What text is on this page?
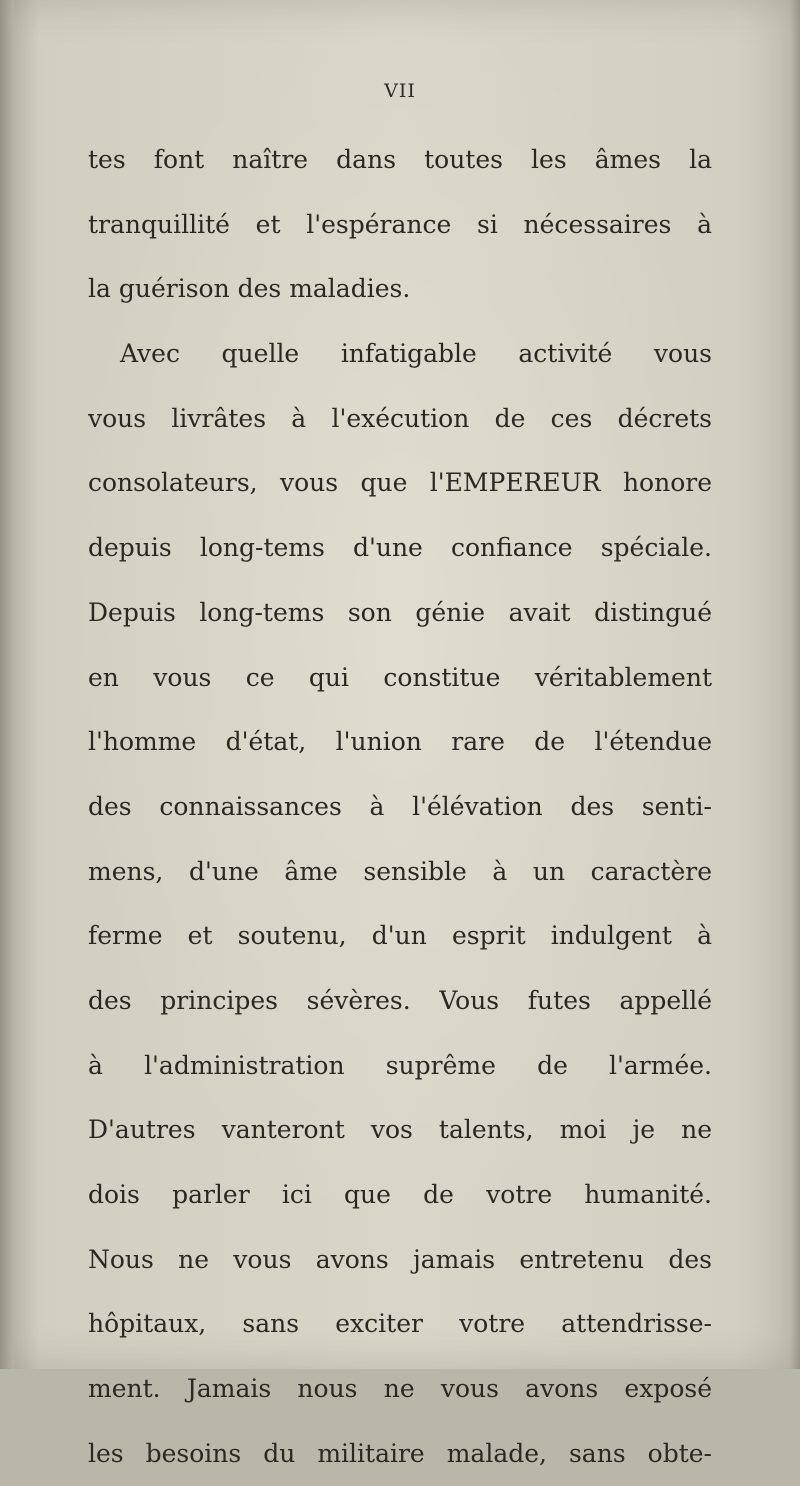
VII
tes font naître dans toutes les âmes la
tranquillité et l'espérance si nécessaires à
la guérison des maladies.
Avec quelle infatigable activité vous
vous livrâtes à l'exécution de ces décrets
consolateurs, vous que l'EMPEREUR honore
depuis long-tems d'une confiance spéciale.
Depuis long-tems son génie avait distingué
en vous ce qui constitue véritablement
l'homme d'état, l'union rare de l'étendue
des connaissances à l'élévation des senti-
mens, d'une âme sensible à un caractère
ferme et soutenu, d'un esprit indulgent à
des principes sévères. Vous futes appellé
à l'administration suprême de l'armée.
D'autres vanteront vos talents, moi je ne
dois parler ici que de votre humanité.
Nous ne vous avons jamais entretenu des
hôpitaux, sans exciter votre attendrisse-
ment. Jamais nous ne vous avons exposé
les besoins du militaire malade, sans obte-
